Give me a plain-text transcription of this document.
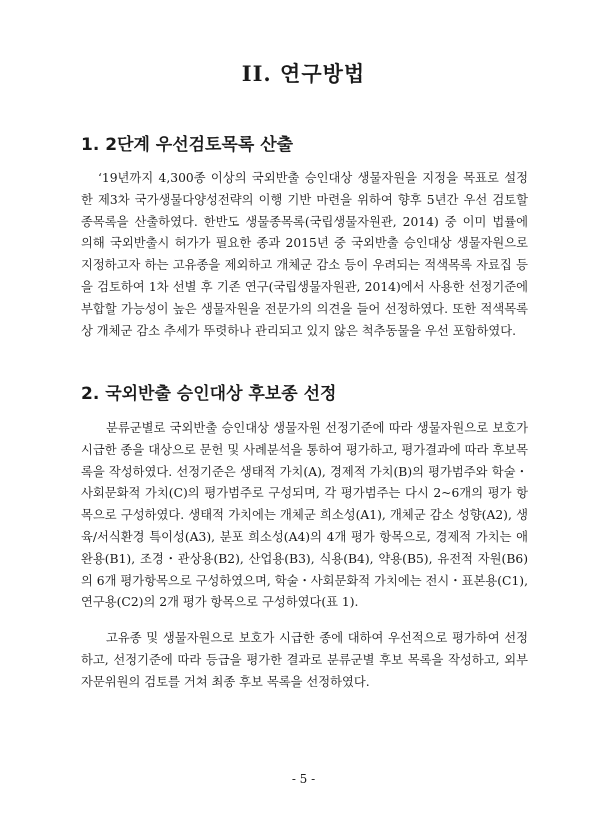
II. 연구방법
1. 2단계 우선검토목록 산출

‘19년까지 4,300종 이상의 국외반출 승인대상 생물자원을 지정을 목표로 설정한 제3차 국가생물다양성전략의 이행 기반 마련을 위하여 향후 5년간 우선 검토할 종목록을 산출하였다. 한반도 생물종목록(국립생물자원관, 2014) 중 이미 법률에 의해 국외반출시 허가가 필요한 종과 2015년 중 국외반출 승인대상 생물자원으로 지정하고자 하는 고유종을 제외하고 개체군 감소 등이 우려되는 적색목록 자료집 등을 검토하여 1차 선별 후 기존 연구(국립생물자원관, 2014)에서 사용한 선정기준에 부합할 가능성이 높은 생물자원을 전문가의 의견을 들어 선정하였다. 또한 적색목록 상 개체군 감소 추세가 뚜렷하나 관리되고 있지 않은 척추동물을 우선 포함하였다.

2. 국외반출 승인대상 후보종 선정

분류군별로 국외반출 승인대상 생물자원 선정기준에 따라 생물자원으로 보호가 시급한 종을 대상으로 문헌 및 사례분석을 통하여 평가하고, 평가결과에 따라 후보목록을 작성하였다. 선정기준은 생태적 가치(A), 경제적 가치(B)의 평가범주와 학술・사회문화적 가치(C)의 평가범주로 구성되며, 각 평가범주는 다시 2~6개의 평가 항목으로 구성하였다. 생태적 가치에는 개체군 희소성(A1), 개체군 감소 성향(A2), 생육/서식환경 특이성(A3), 분포 희소성(A4)의 4개 평가 항목으로, 경제적 가치는 애완용(B1), 조경・관상용(B2), 산업용(B3), 식용(B4), 약용(B5), 유전적 자원(B6)의 6개 평가항목으로 구성하였으며, 학술・사회문화적 가치에는 전시・표본용(C1), 연구용(C2)의 2개 평가 항목으로 구성하였다(표 1).

고유종 및 생물자원으로 보호가 시급한 종에 대하여 우선적으로 평가하여 선정하고, 선정기준에 따라 등급을 평가한 결과로 분류군별 후보 목록을 작성하고, 외부 자문위원의 검토를 거쳐 최종 후보 목록을 선정하였다.

- 5 -
